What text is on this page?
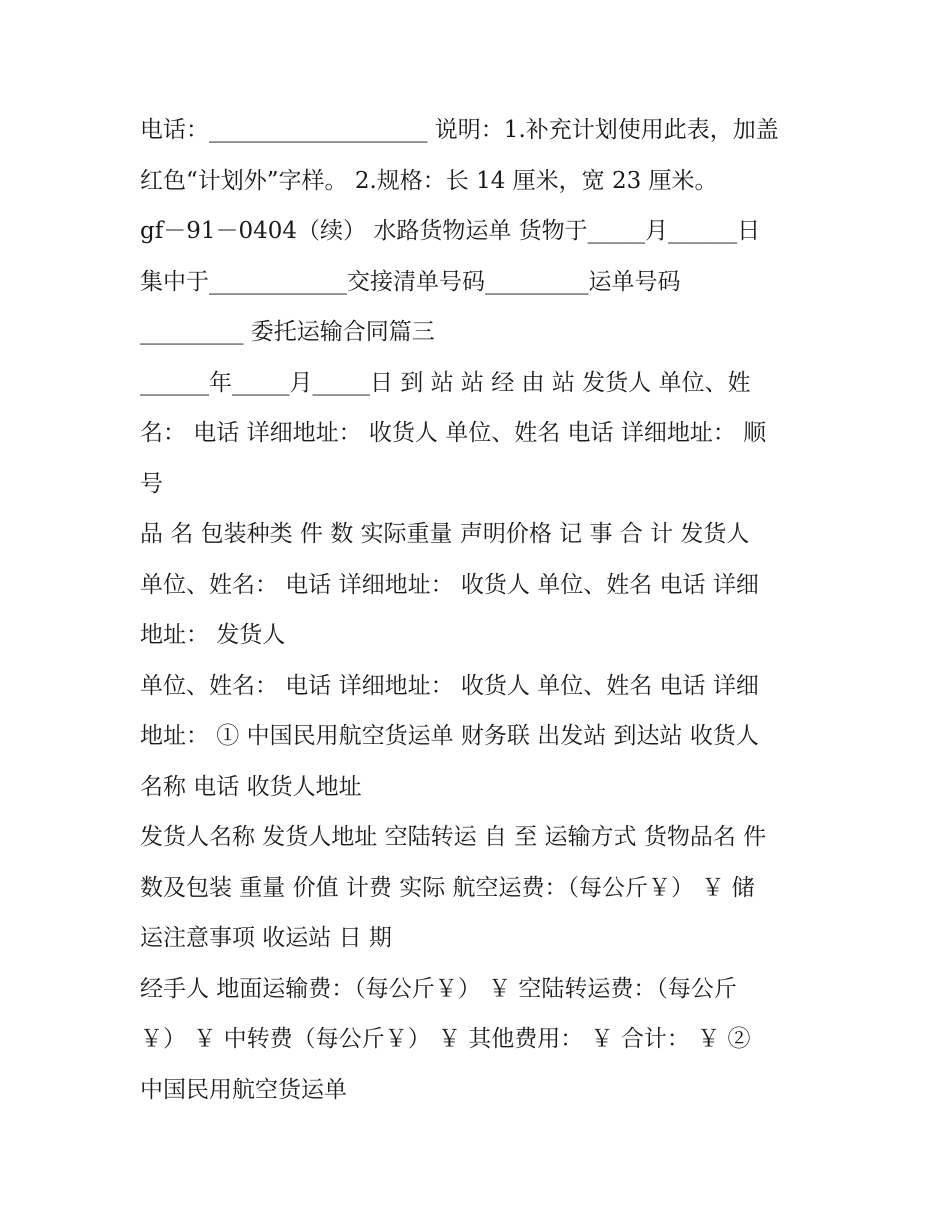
电话：___________________ 说明：1.补充计划使用此表，加盖
红色“计划外”字样。 2.规格：长 14 厘米，宽 23 厘米。
gf－91－0404（续） 水路货物运单 货物于_____月______日
集中于____________交接清单号码_________运单号码
_________ 委托运输合同篇三
______年_____月_____日 到 站 站 经 由 站 发货人 单位、姓
名： 电话 详细地址： 收货人 单位、姓名 电话 详细地址： 顺
号
品 名 包装种类 件 数 实际重量 声明价格 记 事 合 计 发货人
单位、姓名： 电话 详细地址： 收货人 单位、姓名 电话 详细
地址： 发货人
单位、姓名： 电话 详细地址： 收货人 单位、姓名 电话 详细
地址： ① 中国民用航空货运单 财务联 出发站 到达站 收货人
名称 电话 收货人地址
发货人名称 发货人地址 空陆转运 自 至 运输方式 货物品名 件
数及包装 重量 价值 计费 实际 航空运费：（每公斤￥） ￥ 储
运注意事项 收运站 日 期
经手人 地面运输费：（每公斤￥） ￥ 空陆转运费：（每公斤
￥） ￥ 中转费（每公斤￥） ￥ 其他费用： ￥ 合计： ￥ ②
中国民用航空货运单
